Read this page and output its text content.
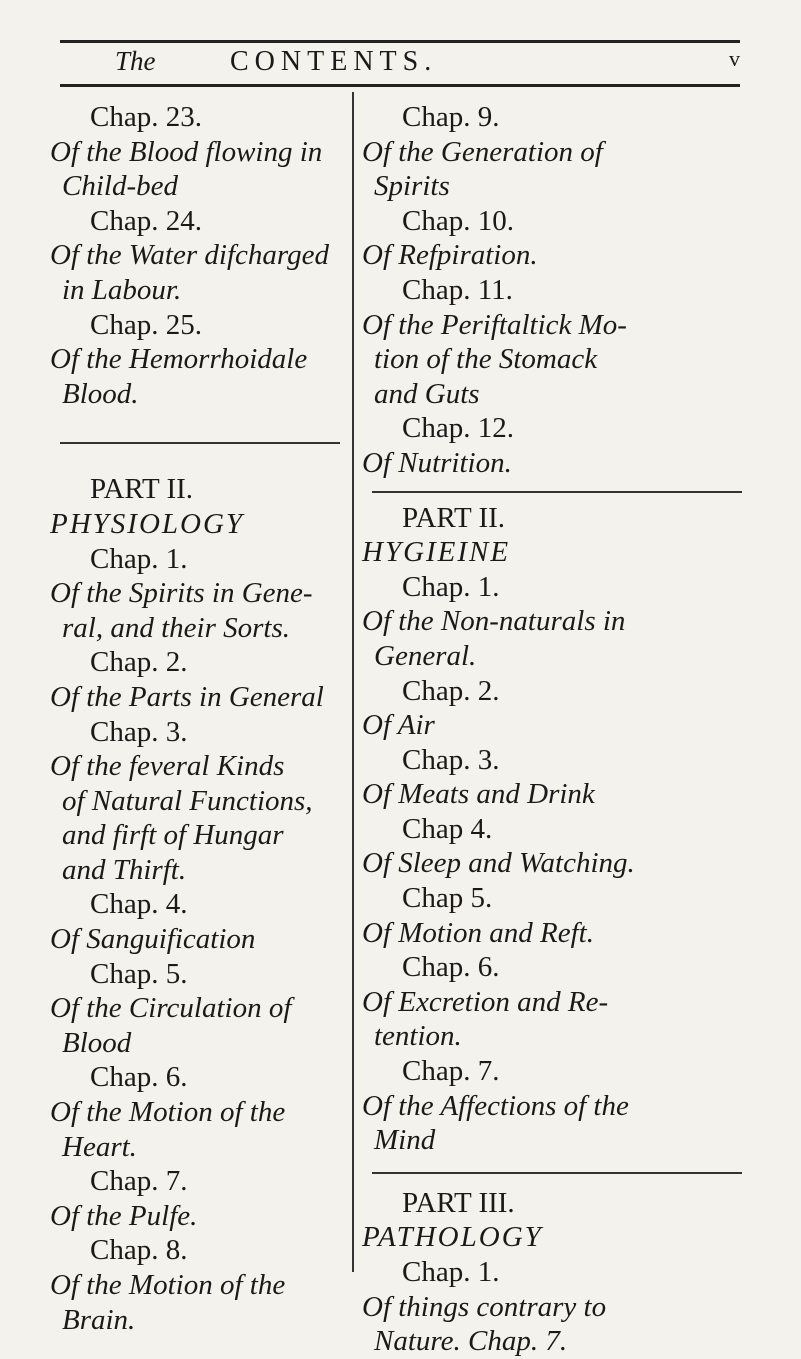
The	CONTENTS.	v
Chap. 23.
Of the Blood flowing in
Child-bed
Chap. 24.
Of the Water difcharged
in Labour.
Chap. 25.
Of the Hemorrhoidale
Blood.
PART II.
PHYSIOLOGY
Chap. 1.
Of the Spirits in Gene-
ral, and their Sorts.
Chap. 2.
Of the Parts in General
Chap. 3.
Of the feveral Kinds
of Natural Functions,
and firft of Hungar
and Thirft.
Chap. 4.
Of Sanguification
Chap. 5.
Of the Circulation of
Blood
Chap. 6.
Of the Motion of the
Heart.
Chap. 7.
Of the Pulfe.
Chap. 8.
Of the Motion of the
Brain.
Chap. 9.
Of the Generation of
Spirits
Chap. 10.
Of Refpiration.
Chap. 11.
Of the Periftaltick Mo-
tion of the Stomack
and Guts
Chap. 12.
Of Nutrition.
PART II.
HYGIEINE
Chap. 1.
Of the Non-naturals in
General.
Chap. 2.
Of Air
Chap. 3.
Of Meats and Drink
Chap 4.
Of Sleep and Watching.
Chap 5.
Of Motion and Reft.
Chap. 6.
Of Excretion and Re-
tention.
Chap. 7.
Of the Affections of the
Mind
PART III.
PATHOLOGY
Chap. 1.
Of things contrary to
Nature. Chap. 7.
